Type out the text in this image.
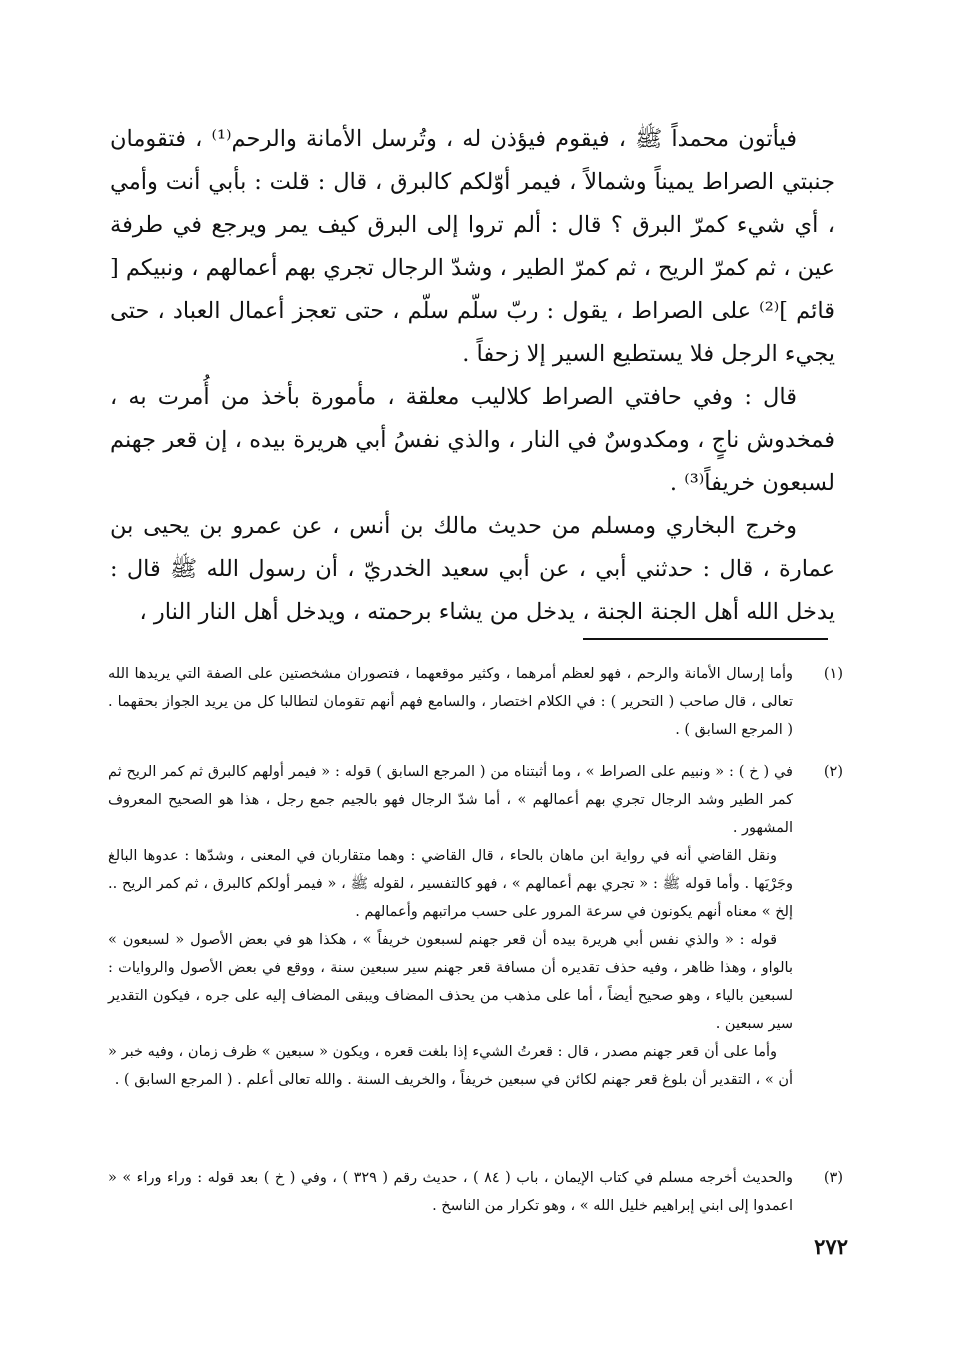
فيأتون محمداً ﷺ ، فيقوم فيؤذن له ، وتُرسل الأمانة والرحم⁽¹⁾ ، فتقومان جنبتي الصراط يميناً وشمالاً ، فيمر أوّلكم كالبرق ، قال : قلت : بأبي أنت وأمي ، أي شيء كمرّ البرق ؟ قال : ألم تروا إلى البرق كيف يمر ويرجع في طرفة عين ، ثم كمرّ الريح ، ثم كمرّ الطير ، وشدّ الرجال تجري بهم أعمالهم ، ونبيكم [ قائم ]⁽²⁾ على الصراط ، يقول : ربّ سلّم سلّم ، حتى تعجز أعمال العباد ، حتى يجيء الرجل فلا يستطيع السير إلا زحفاً .

قال : وفي حافتي الصراط كلاليب معلقة ، مأمورة بأخذ من أُمرت به ، فمخدوش ناجٍ ، ومكدوسٌ في النار ، والذي نفسُ أبي هريرة بيده ، إن قعر جهنم لسبعون خريفاً⁽³⁾ .

وخرج البخاري ومسلم من حديث مالك بن أنس ، عن عمرو بن يحيى بن عمارة ، قال : حدثني أبي ، عن أبي سعيد الخدريّ ، أن رسول الله ﷺ قال : يدخل الله أهل الجنة الجنة ، يدخل من يشاء برحمته ، ويدخل أهل النار النار ،

(١)

وأما إرسال الأمانة والرحم ، فهو لعظم أمرهما ، وكثير موقعهما ، فتصوران مشخصتين على الصفة التي يريدها الله تعالى ، قال صاحب ( التحرير ) : في الكلام اختصار ، والسامع فهم أنهم تقومان لتطالبا كل من يريد الجواز بحقهما . ( المرجع السابق ) .

(٢)

في ( خ ) : « ونبيم على الصراط » ، وما أثبتناه من ( المرجع السابق ) قوله : « فيمر أولهم كالبرق ثم كمر الريح ثم كمر الطير وشد الرجال تجري بهم أعمالهم » ، أما شدّ الرجال فهو بالجيم جمع رجل ، هذا هو الصحيح المعروف المشهور .

ونقل القاضي أنه في رواية ابن ماهان بالحاء ، قال القاضي : وهما متقاربان في المعنى ، وشدّها : عدوها البالغ وجَرْيَها . وأما قوله ﷺ : « تجري بهم أعمالهم » ، فهو كالتفسير ، لقوله ﷺ ، « فيمر أولكم كالبرق ، ثم كمر الريح .. إلخ » معناه أنهم يكونون في سرعة المرور على حسب مراتبهم وأعمالهم .

قوله : « والذي نفس أبي هريرة بيده أن قعر جهنم لسبعون خريفاً » ، هكذا هو في بعض الأصول « لسبعون » بالواو ، وهذا ظاهر ، وفيه حذف تقديره أن مسافة قعر جهنم سير سبعين سنة ، ووقع في بعض الأصول والروايات : لسبعين بالياء ، وهو صحيح أيضاً ، أما على مذهب من يحذف المضاف ويبقى المضاف إليه على جره ، فيكون التقدير سير سبعين .

وأما على أن قعر جهنم مصدر ، قال : قعرتُ الشيء إذا بلغت قعره ، ويكون « سبعين » ظرف زمان ، وفيه خبر « أن » ، التقدير أن بلوغ قعر جهنم لكائن في سبعين خريفاً ، والخريف السنة . والله تعالى أعلم . ( المرجع السابق ) .

(٣)

والحديث أخرجه مسلم في كتاب الإيمان ، باب ( ٨٤ ) ، حديث رقم ( ٣٢٩ ) ، وفي ( خ ) بعد قوله : وراء وراء » « اعمدوا إلى ابني إبراهيم خليل الله » ، وهو تكرار من الناسخ .

٢٧٢
